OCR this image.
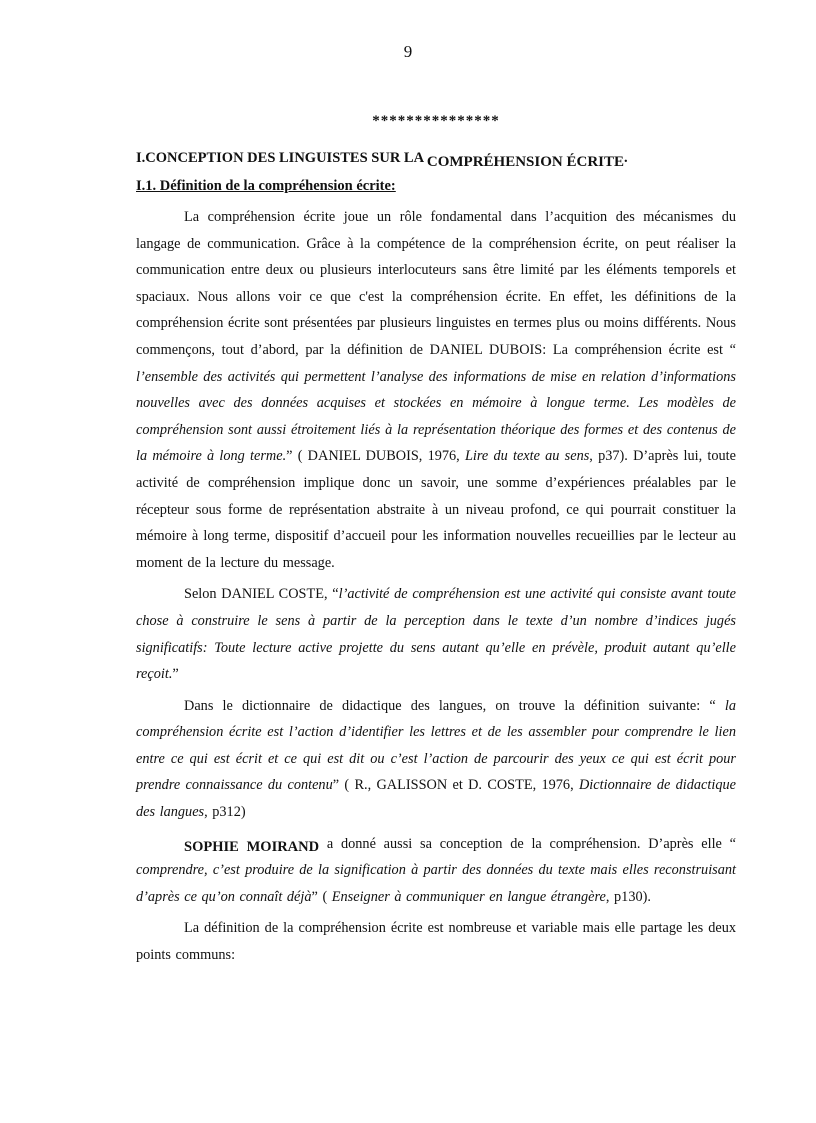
9
***************
I.CONCEPTION DES LINGUISTES SUR LA COMPRÉHENSION ÉCRITE.
I.1. Définition de la compréhension écrite:

La compréhension écrite joue un rôle fondamental dans l’acquition des mécanismes du langage de communication. Grâce à la compétence de la compréhension écrite, on peut réaliser la communication entre deux ou plusieurs interlocuteurs sans être limité par les éléments temporels et spaciaux. Nous allons voir ce que c'est la compréhension écrite. En effet, les définitions de la compréhension écrite sont présentées par plusieurs linguistes en termes plus ou moins différents. Nous commençons, tout d’abord, par la définition de DANIEL DUBOIS: La compréhension écrite est “ l’ensemble des activités qui permettent l’analyse des informations de mise en relation d’informations nouvelles avec des données acquises et stockées en mémoire à longue terme. Les modèles de compréhension sont aussi étroitement liés à la représentation théorique des formes et des contenus de la mémoire à long terme.” ( DANIEL DUBOIS, 1976, Lire du texte au sens, p37). D’après lui, toute activité de compréhension implique donc un savoir, une somme d’expériences préalables par le récepteur sous forme de représentation abstraite à un niveau profond, ce qui pourrait constituer la mémoire à long terme, dispositif d’accueil pour les information nouvelles recueillies par le lecteur au moment de la lecture du message.

Selon DANIEL COSTE, “l’activité de compréhension est une activité qui consiste avant toute chose à construire le sens à partir de la perception dans le texte d’un nombre d’indices jugés significatifs: Toute lecture active projette du sens autant qu’elle en prévèle, produit autant qu’elle reçoit.”

Dans le dictionnaire de didactique des langues, on trouve la définition suivante: “ la compréhension écrite est l’action d’identifier les lettres et de les assembler pour comprendre le lien entre ce qui est écrit et ce qui est dit ou c’est l’action de parcourir des yeux ce qui est écrit pour prendre connaissance du contenu” ( R., GALISSON et D. COSTE, 1976, Dictionnaire de didactique des langues, p312)

SOPHIE MOIRAND a donné aussi sa conception de la compréhension. D’après elle “ comprendre, c’est produire de la signification à partir des données du texte mais elles reconstruisant d’après ce qu’on connaît déjà” ( Enseigner à communiquer en langue étrangère, p130).

La définition de la compréhension écrite est nombreuse et variable mais elle partage les deux points communs:
